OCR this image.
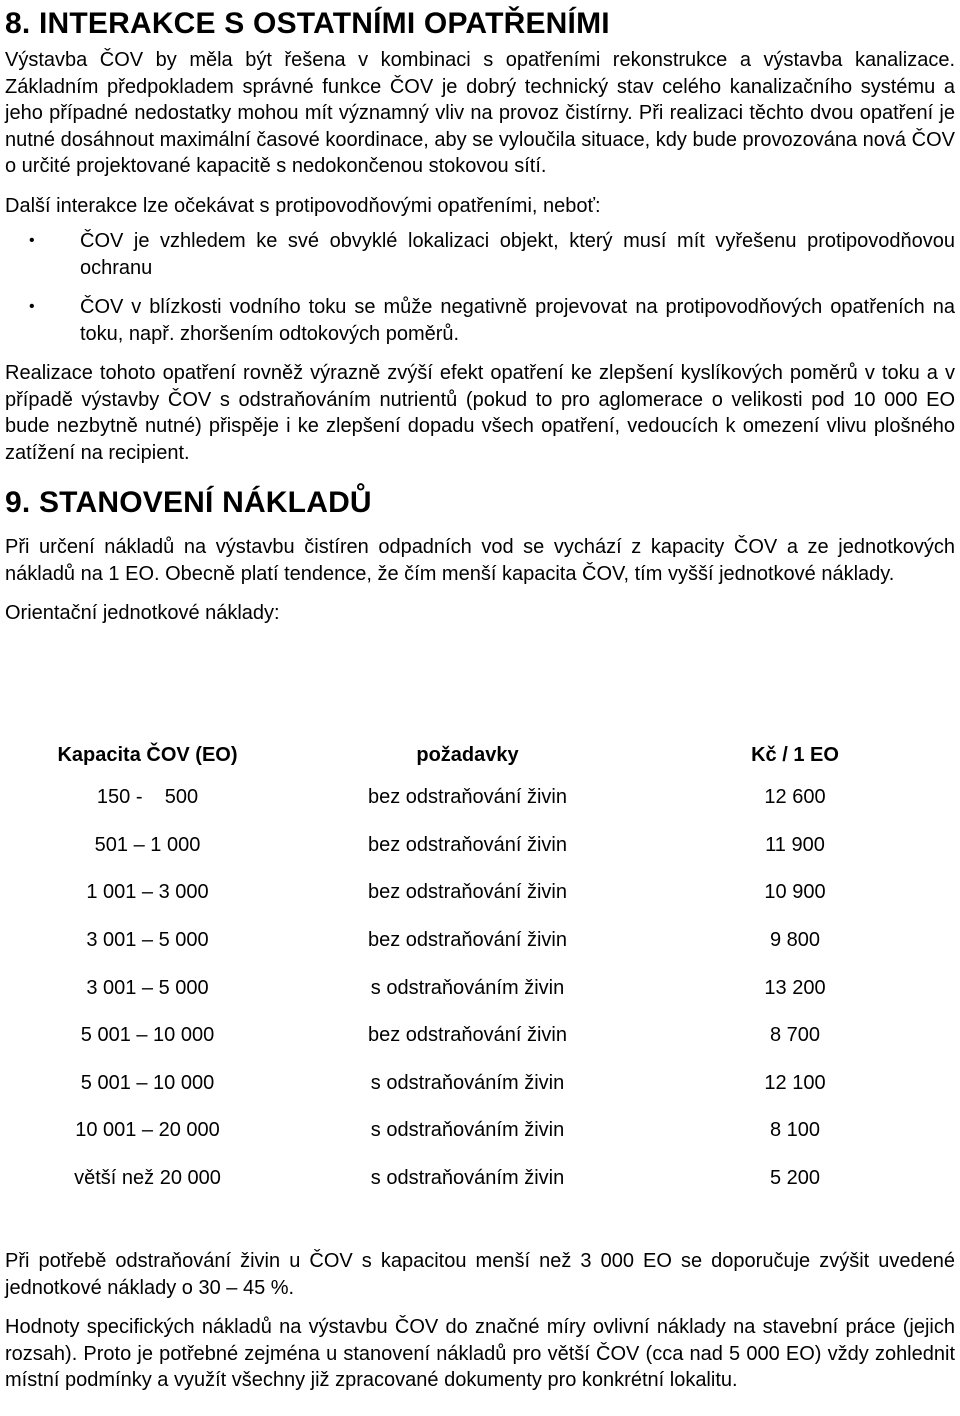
8. INTERAKCE S OSTATNÍMI OPATŘENÍMI

Výstavba ČOV by měla být řešena v kombinaci s opatřeními rekonstrukce a výstavba kanalizace. Základním předpokladem správné funkce ČOV je dobrý technický stav celého kanalizačního systému a jeho případné nedostatky mohou mít významný vliv na provoz čistírny. Při realizaci těchto dvou opatření je nutné dosáhnout maximální časové koordinace, aby se vyloučila situace, kdy bude provozována nová ČOV o určité projektované kapacitě s nedokončenou stokovou sítí.

Další interakce lze očekávat s protipovodňovými opatřeními, neboť:

• ČOV je vzhledem ke své obvyklé lokalizaci objekt, který musí mít vyřešenu protipovodňovou ochranu
• ČOV v blízkosti vodního toku se může negativně projevovat na protipovodňových opatřeních na toku, např. zhoršením odtokových poměrů.

Realizace tohoto opatření rovněž výrazně zvýší efekt opatření ke zlepšení kyslíkových poměrů v toku a v případě výstavby ČOV s odstraňováním nutrientů (pokud to pro aglomerace o velikosti pod 10 000 EO bude nezbytně nutné) přispěje i ke zlepšení dopadu všech opatření, vedoucích k omezení vlivu plošného zatížení na recipient.

9. STANOVENÍ NÁKLADŮ

Při určení nákladů na výstavbu čistíren odpadních vod se vychází z kapacity ČOV a ze jednotkových nákladů na 1 EO. Obecně platí tendence, že čím menší kapacita ČOV, tím vyšší jednotkové náklady.

Orientační jednotkové náklady:

Kapacita ČOV (EO)	požadavky	Kč / 1 EO
150 -    500	bez odstraňování živin	12 600
501 – 1 000	bez odstraňování živin	11 900
1 001 – 3 000	bez odstraňování živin	10 900
3 001 – 5 000	bez odstraňování živin	9 800
3 001 – 5 000	s odstraňováním živin	13 200
5 001 – 10 000	bez odstraňování živin	8 700
5 001 – 10 000	s odstraňováním živin	12 100
10 001 – 20 000	s odstraňováním živin	8 100
větší než 20 000	s odstraňováním živin	5 200

Při potřebě odstraňování živin u ČOV s kapacitou menší než 3 000 EO se doporučuje zvýšit uvedené jednotkové náklady o 30 – 45 %.

Hodnoty specifických nákladů na výstavbu ČOV do značné míry ovlivní náklady na stavební práce (jejich rozsah). Proto je potřebné zejména u stanovení nákladů pro větší ČOV (cca nad 5 000 EO) vždy zohlednit místní podmínky a využít všechny již zpracované dokumenty pro konkrétní lokalitu.
